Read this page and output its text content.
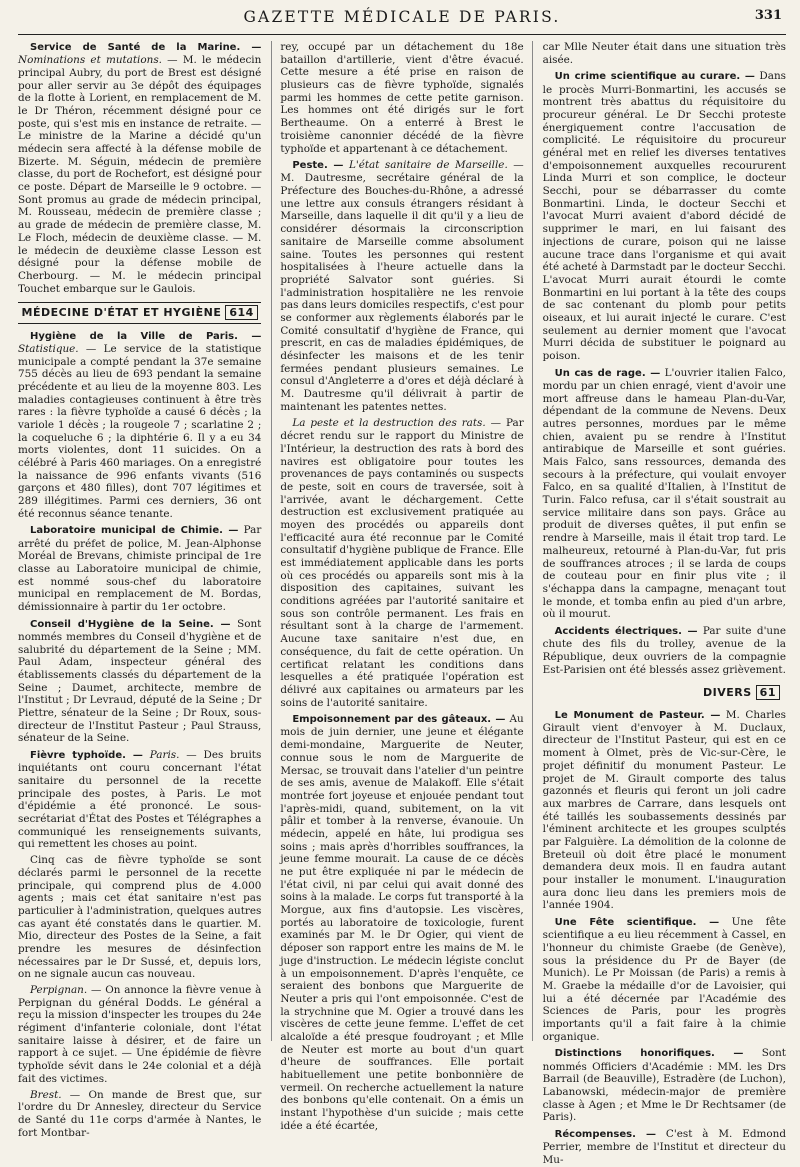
GAZETTE MÉDICALE DE PARIS.	331

Service de Santé de la Marine. — Nominations et mutations. — M. le médecin principal Aubry, du port de Brest est désigné pour aller servir au 3e dépôt des équipages de la flotte à Lorient, en remplacement de M. le Dr Théron, récemment désigné pour ce poste, qui s'est mis en instance de retraite. — Le ministre de la Marine a décidé qu'un médecin sera affecté à la défense mobile de Bizerte. M. Séguin, médecin de première classe, du port de Rochefort, est désigné pour ce poste. Départ de Marseille le 9 octobre. — Sont promus au grade de médecin principal, M. Rousseau, médecin de première classe ; au grade de médecin de première classe, M. Le Floch, médecin de deuxième classe. — M. le médecin de deuxième classe Lesson est désigné pour la défense mobile de Cherbourg. — M. le médecin principal Touchet embarque sur le Gaulois.

MÉDECINE D'ÉTAT ET HYGIÈNE 614

Hygiène de la Ville de Paris. — Statistique. — Le service de la statistique municipale a compté pendant la 37e semaine 755 décès au lieu de 693 pendant la semaine précédente et au lieu de la moyenne 803. Les maladies contagieuses continuent à être très rares : la fièvre typhoïde a causé 6 décès ; la variole 1 décès ; la rougeole 7 ; scarlatine 2 ; la coqueluche 6 ; la diphtérie 6. Il y a eu 34 morts violentes, dont 11 suicides. On a célébré à Paris 460 mariages. On a enregistré la naissance de 996 enfants vivants (516 garçons et 480 filles), dont 707 légitimes et 289 illégitimes. Parmi ces derniers, 36 ont été reconnus séance tenante.

Laboratoire municipal de Chimie. — Par arrêté du préfet de police, M. Jean-Alphonse Moréal de Brevans, chimiste principal de 1re classe au Laboratoire municipal de chimie, est nommé sous-chef du laboratoire municipal en remplacement de M. Bordas, démissionnaire à partir du 1er octobre.

Conseil d'Hygiène de la Seine. — Sont nommés membres du Conseil d'hygiène et de salubrité du département de la Seine ; MM. Paul Adam, inspecteur général des établissements classés du département de la Seine ; Daumet, architecte, membre de l'Institut ; Dr Levraud, député de la Seine ; Dr Piettre, sénateur de la Seine ; Dr Roux, sous-directeur de l'Institut Pasteur ; Paul Strauss, sénateur de la Seine.

Fièvre typhoïde. — Paris. — Des bruits inquiétants ont couru concernant l'état sanitaire du personnel de la recette principale des postes, à Paris. Le mot d'épidémie a été prononcé. Le sous-secrétariat d'État des Postes et Télégraphes a communiqué les renseignements suivants, qui remettent les choses au point.

Cinq cas de fièvre typhoïde se sont déclarés parmi le personnel de la recette principale, qui comprend plus de 4.000 agents ; mais cet état sanitaire n'est pas particulier à l'administration, quelques autres cas ayant été constatés dans le quartier. M. Mio, directeur des Postes de la Seine, a fait prendre les mesures de désinfection nécessaires par le Dr Sussé, et, depuis lors, on ne signale aucun cas nouveau.

Perpignan. — On annonce la fièvre venue à Perpignan du général Dodds. Le général a reçu la mission d'inspecter les troupes du 24e régiment d'infanterie coloniale, dont l'état sanitaire laisse à désirer, et de faire un rapport à ce sujet. — Une épidémie de fièvre typhoïde sévit dans le 24e colonial et a déjà fait des victimes.

Brest. — On mande de Brest que, sur l'ordre du Dr Annesley, directeur du Service de Santé du 11e corps d'armée à Nantes, le fort Montbar-

rey, occupé par un détachement du 18e bataillon d'artillerie, vient d'être évacué. Cette mesure a été prise en raison de plusieurs cas de fièvre typhoïde, signalés parmi les hommes de cette petite garnison. Les hommes ont été dirigés sur le fort Bertheaume. On a enterré à Brest le troisième canonnier décédé de la fièvre typhoïde et appartenant à ce détachement.

Peste. — L'état sanitaire de Marseille. — M. Dautresme, secrétaire général de la Préfecture des Bouches-du-Rhône, a adressé une lettre aux consuls étrangers résidant à Marseille, dans laquelle il dit qu'il y a lieu de considérer désormais la circonscription sanitaire de Marseille comme absolument saine. Toutes les personnes qui restent hospitalisées à l'heure actuelle dans la propriété Salvator sont guéries. Si l'administration hospitalière ne les renvoie pas dans leurs domiciles respectifs, c'est pour se conformer aux règlements élaborés par le Comité consultatif d'hygiène de France, qui prescrit, en cas de maladies épidémiques, de désinfecter les maisons et de les tenir fermées pendant plusieurs semaines. Le consul d'Angleterre a d'ores et déjà déclaré à M. Dautresme qu'il délivrait à partir de maintenant les patentes nettes.

La peste et la destruction des rats. — Par décret rendu sur le rapport du Ministre de l'Intérieur, la destruction des rats à bord des navires est obligatoire pour toutes les provenances de pays contaminés ou suspects de peste, soit en cours de traversée, soit à l'arrivée, avant le déchargement. Cette destruction est exclusivement pratiquée au moyen des procédés ou appareils dont l'efficacité aura été reconnue par le Comité consultatif d'hygiène publique de France. Elle est immédiatement applicable dans les ports où ces procédés ou appareils sont mis à la disposition des capitaines, suivant les conditions agréées par l'autorité sanitaire et sous son contrôle permanent. Les frais en résultant sont à la charge de l'armement. Aucune taxe sanitaire n'est due, en conséquence, du fait de cette opération. Un certificat relatant les conditions dans lesquelles a été pratiquée l'opération est délivré aux capitaines ou armateurs par les soins de l'autorité sanitaire.

Empoisonnement par des gâteaux. — Au mois de juin dernier, une jeune et élégante demi-mondaine, Marguerite de Neuter, connue sous le nom de Marguerite de Mersac, se trouvait dans l'atelier d'un peintre de ses amis, avenue de Malakoff. Elle s'était montrée fort joyeuse et enjouée pendant tout l'après-midi, quand, subitement, on la vit pâlir et tomber à la renverse, évanouie. Un médecin, appelé en hâte, lui prodigua ses soins ; mais après d'horribles souffrances, la jeune femme mourait. La cause de ce décès ne put être expliquée ni par le médecin de l'état civil, ni par celui qui avait donné des soins à la malade. Le corps fut transporté à la Morgue, aux fins d'autopsie. Les viscères, portés au laboratoire de toxicologie, furent examinés par M. le Dr Ogier, qui vient de déposer son rapport entre les mains de M. le juge d'instruction. Le médecin légiste conclut à un empoisonnement. D'après l'enquête, ce seraient des bonbons que Marguerite de Neuter a pris qui l'ont empoisonnée. C'est de la strychnine que M. Ogier a trouvé dans les viscères de cette jeune femme. L'effet de cet alcaloïde a été presque foudroyant ; et Mlle de Neuter est morte au bout d'un quart d'heure de souffrances. Elle portait habituellement une petite bonbonnière de vermeil. On recherche actuellement la nature des bonbons qu'elle contenait. On a émis un instant l'hypothèse d'un suicide ; mais cette idée a été écartée,

car Mlle Neuter était dans une situation très aisée.

Un crime scientifique au curare. — Dans le procès Murri-Bonmartini, les accusés se montrent très abattus du réquisitoire du procureur général. Le Dr Secchi proteste énergiquement contre l'accusation de complicité. Le réquisitoire du procureur général met en relief les diverses tentatives d'empoisonnement auxquelles recoururent Linda Murri et son complice, le docteur Secchi, pour se débarrasser du comte Bonmartini. Linda, le docteur Secchi et l'avocat Murri avaient d'abord décidé de supprimer le mari, en lui faisant des injections de curare, poison qui ne laisse aucune trace dans l'organisme et qui avait été acheté à Darmstadt par le docteur Secchi. L'avocat Murri aurait étourdi le comte Bonmartini en lui portant à la tête des coups de sac contenant du plomb pour petits oiseaux, et lui aurait injecté le curare. C'est seulement au dernier moment que l'avocat Murri décida de substituer le poignard au poison.

Un cas de rage. — L'ouvrier italien Falco, mordu par un chien enragé, vient d'avoir une mort affreuse dans le hameau Plan-du-Var, dépendant de la commune de Nevens. Deux autres personnes, mordues par le même chien, avaient pu se rendre à l'Institut antirabique de Marseille et sont guéries. Mais Falco, sans ressources, demanda des secours à la préfecture, qui voulait envoyer Falco, en sa qualité d'Italien, à l'Institut de Turin. Falco refusa, car il s'était soustrait au service militaire dans son pays. Grâce au produit de diverses quêtes, il put enfin se rendre à Marseille, mais il était trop tard. Le malheureux, retourné à Plan-du-Var, fut pris de souffrances atroces ; il se larda de coups de couteau pour en finir plus vite ; il s'échappa dans la campagne, menaçant tout le monde, et tomba enfin au pied d'un arbre, où il mourut.

Accidents électriques. — Par suite d'une chute des fils du trolley, avenue de la République, deux ouvriers de la compagnie Est-Parisien ont été blessés assez grièvement.

DIVERS 61

Le Monument de Pasteur. — M. Charles Girault vient d'envoyer à M. Duclaux, directeur de l'Institut Pasteur, qui est en ce moment à Olmet, près de Vic-sur-Cère, le projet définitif du monument Pasteur. Le projet de M. Girault comporte des talus gazonnés et fleuris qui feront un joli cadre aux marbres de Carrare, dans lesquels ont été taillés les soubassements dessinés par l'éminent architecte et les groupes sculptés par Falguière. La démolition de la colonne de Breteuil où doit être placé le monument demandera deux mois. Il en faudra autant pour installer le monument. L'inauguration aura donc lieu dans les premiers mois de l'année 1904.

Une Fête scientifique. — Une fête scientifique a eu lieu récemment à Cassel, en l'honneur du chimiste Graebe (de Genève), sous la présidence du Pr de Bayer (de Munich). Le Pr Moissan (de Paris) a remis à M. Graebe la médaille d'or de Lavoisier, qui lui a été décernée par l'Académie des Sciences de Paris, pour les progrès importants qu'il a fait faire à la chimie organique.

Distinctions honorifiques. — Sont nommés Officiers d'Académie : MM. les Drs Barrail (de Beauville), Estradère (de Luchon), Labanowski, médecin-major de première classe à Agen ; et Mme le Dr Rechtsamer (de Paris).

Récompenses. — C'est à M. Edmond Perrier, membre de l'Institut et directeur du Mu-
